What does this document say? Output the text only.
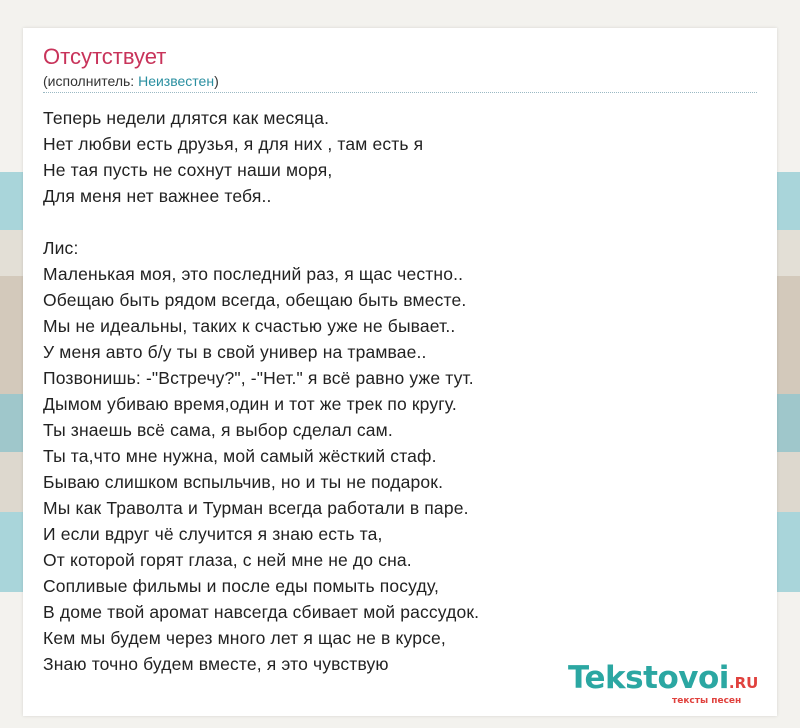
Отсутствует
(исполнитель: Неизвестен)
Теперь недели длятся как месяца.
Нет любви есть друзья, я для них , там есть я
Не тая пусть не сохнут наши моря,
Для меня нет важнее тебя..
Лис:
Маленькая моя, это последний раз, я щас честно..
Обещаю быть рядом всегда, обещаю быть вместе.
Мы не идеальны, таких к счастью уже не бывает..
У меня авто б/у ты в свой универ на трамвае..
Позвонишь: -"Встречу?", -"Нет." я всё равно уже тут.
Дымом убиваю время,один и тот же трек по кругу.
Ты знаешь всё сама, я выбор сделал сам.
Ты та,что мне нужна, мой самый жёсткий стаф.
Бываю слишком вспыльчив, но и ты не подарок.
Мы как Траволта и Турман всегда работали в паре.
И если вдруг чё случится я знаю есть та,
От которой горят глаза, с ней мне не до сна.
Сопливые фильмы и после еды помыть посуду,
В доме твой аромат навсегда сбивает мой рассудок.
Кем мы будем через много лет я щас не в курсе,
Знаю точно будем вместе, я это чувствую	Tekstovoi.RU
тексты песен
